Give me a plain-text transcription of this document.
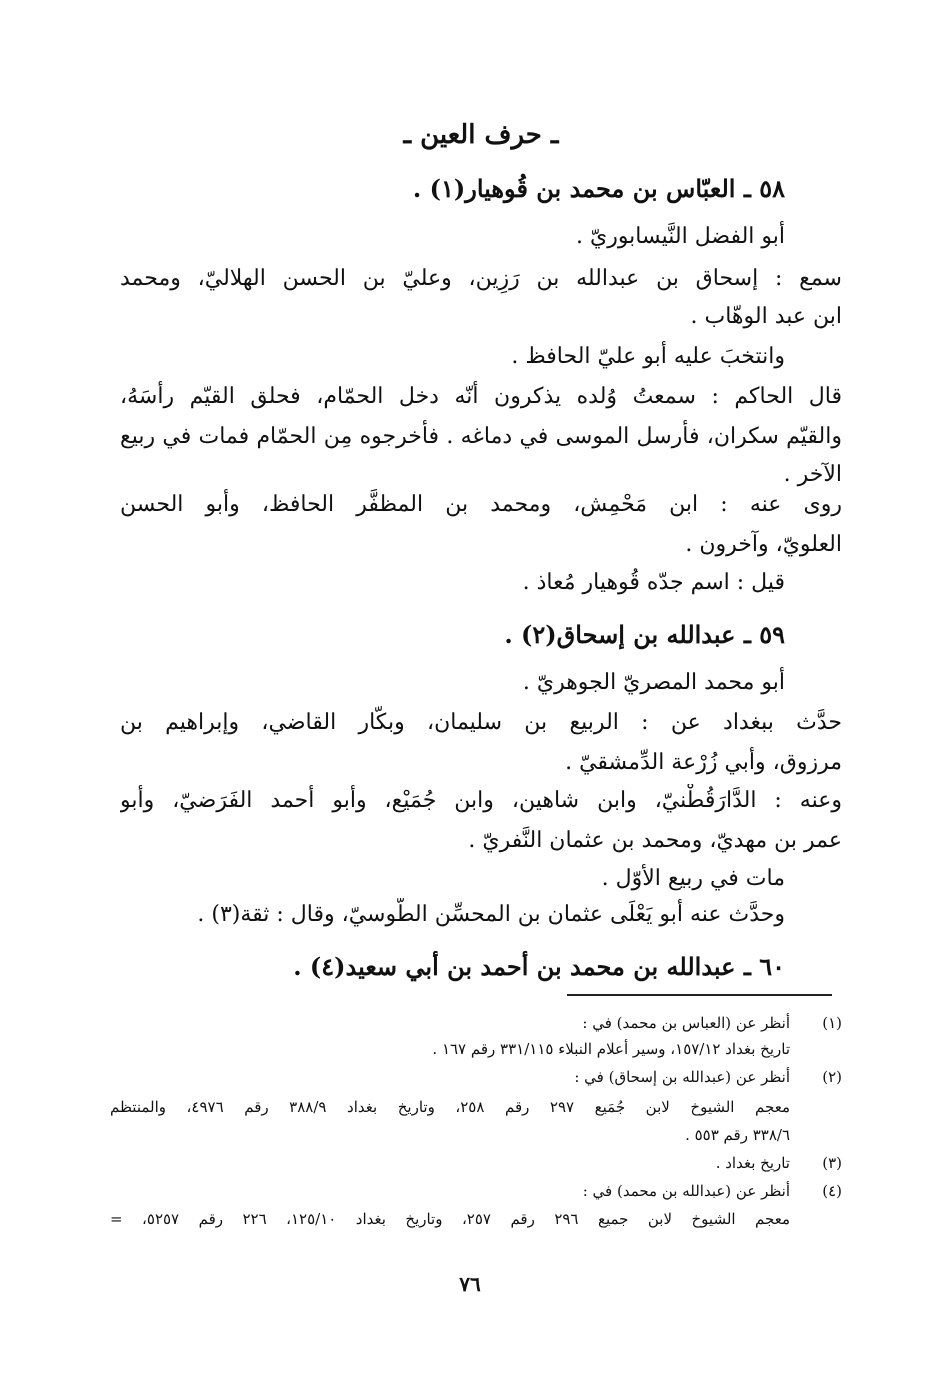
ـ حرف العين ـ
٥٨ ـ العبّاس بن محمد بن قُوهيار(١) .
أبو الفضل النَّيسابوريّ .
سمع : إسحاق بن عبدالله بن رَزِين، وعليّ بن الحسن الهلاليّ، ومحمد
ابن عبد الوهّاب .
وانتخبَ عليه أبو عليّ الحافظ .
قال الحاكم : سمعتُ وُلده يذكرون أنّه دخل الحمّام، فحلق القيّم رأسَهُ،
والقيّم سكران، فأرسل الموسى في دماغه . فأخرجوه مِن الحمّام فمات في ربيع
الآخر .
روى عنه : ابن مَحْمِش، ومحمد بن المظفَّر الحافظ، وأبو الحسن
العلويّ، وآخرون .
قيل : اسم جدّه قُوهيار مُعاذ .
٥٩ ـ عبدالله بن إسحاق(٢) .
أبو محمد المصريّ الجوهريّ .
حدَّث ببغداد عن : الربيع بن سليمان، وبكّار القاضي، وإبراهيم بن
مرزوق، وأبي زُرْعة الدِّمشقيّ .
وعنه : الدَّارَقُطْنيّ، وابن شاهين، وابن جُمَيْع، وأبو أحمد الفَرَضيّ، وأبو
عمر بن مهديّ، ومحمد بن عثمان النَّفريّ .
مات في ربيع الأوّل .
وحدَّث عنه أبو يَعْلَى عثمان بن المحسِّن الطُّوسيّ، وقال : ثقة(٣) .
٦٠ ـ عبدالله بن محمد بن أحمد بن أبي سعيد(٤) .
(١)
أنظر عن (العباس بن محمد) في :
تاريخ بغداد ١٥٧/١٢، وسير أعلام النبلاء ٣٣١/١١٥ رقم ١٦٧ .
(٢)
أنظر عن (عبدالله بن إسحاق) في :
معجم الشيوخ لابن جُمَيع ٢٩٧ رقم ٢٥٨، وتاريخ بغداد ٣٨٨/٩ رقم ٤٩٧٦، والمنتظم
٣٣٨/٦ رقم ٥٥٣ .
(٣)
تاريخ بغداد .
(٤)
أنظر عن (عبدالله بن محمد) في :
معجم الشيوخ لابن جميع ٢٩٦ رقم ٢٥٧، وتاريخ بغداد ١٢٥/١٠، ٢٢٦ رقم ٥٢٥٧، =
٧٦
